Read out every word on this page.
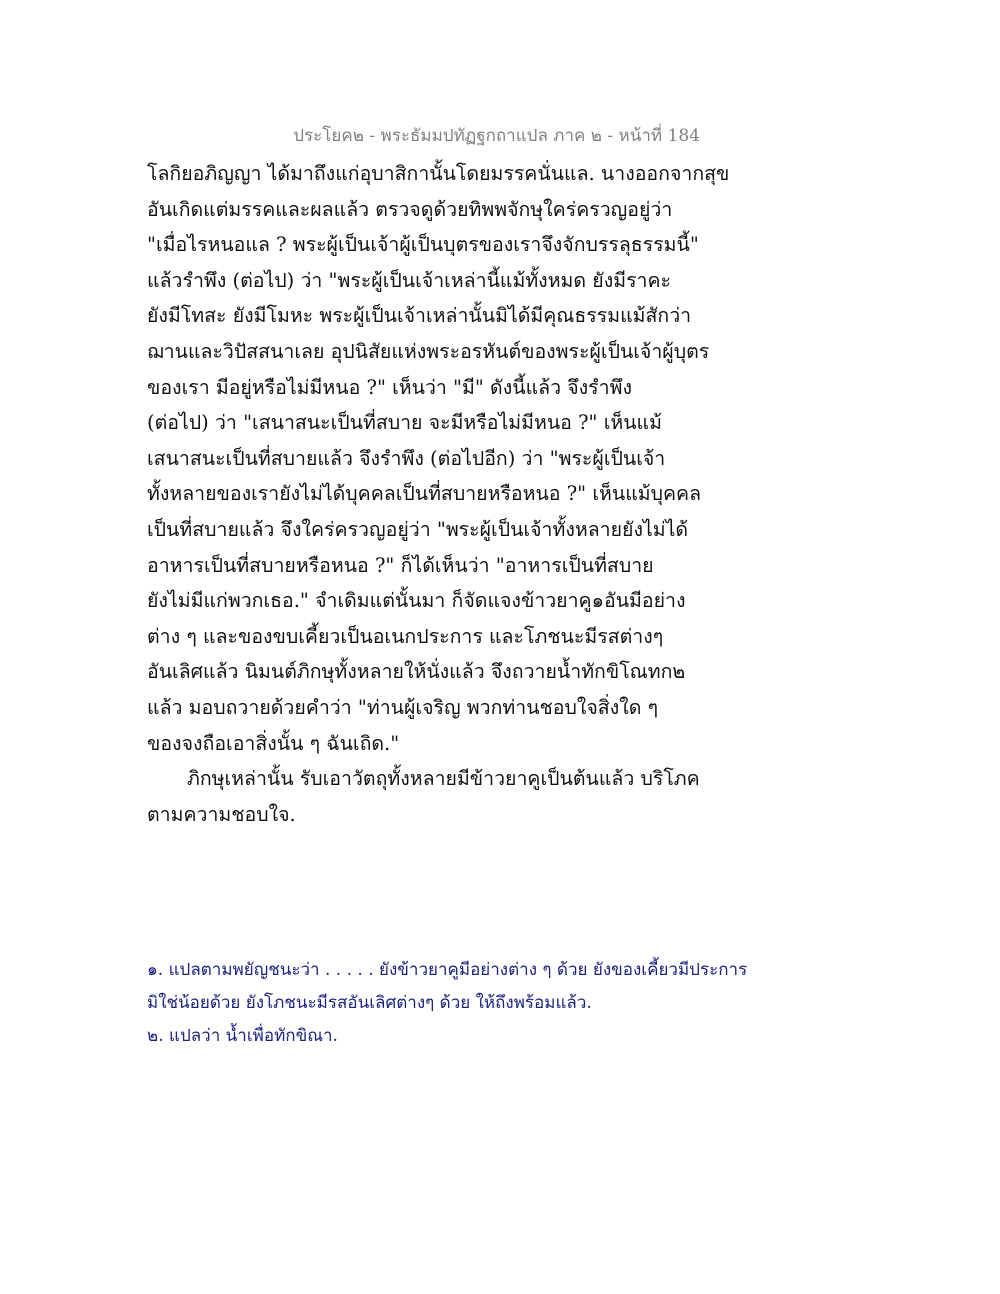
ประโยค๒ - พระธัมมปทัฏฐกถาแปล ภาค ๒ - หน้าที่ 184
โลกิยอภิญญา ได้มาถึงแก่อุบาสิกานั้นโดยมรรคนั่นแล. นางออกจากสุข
อันเกิดแต่มรรคและผลแล้ว ตรวจดูด้วยทิพพจักษุใคร่ครวญอยู่ว่า
"เมื่อไรหนอแล ? พระผู้เป็นเจ้าผู้เป็นบุตรของเราจึงจักบรรลุธรรมนี้"
แล้วรำพึง (ต่อไป) ว่า "พระผู้เป็นเจ้าเหล่านี้แม้ทั้งหมด ยังมีราคะ
ยังมีโทสะ ยังมีโมหะ พระผู้เป็นเจ้าเหล่านั้นมิได้มีคุณธรรมแม้สักว่า
ฌานและวิปัสสนาเลย อุปนิสัยแห่งพระอรหันต์ของพระผู้เป็นเจ้าผู้บุตร
ของเรา มีอยู่หรือไม่มีหนอ ?" เห็นว่า "มี" ดังนี้แล้ว จึงรำพึง
(ต่อไป) ว่า "เสนาสนะเป็นที่สบาย จะมีหรือไม่มีหนอ ?" เห็นแม้
เสนาสนะเป็นที่สบายแล้ว จึงรำพึง (ต่อไปอีก) ว่า "พระผู้เป็นเจ้า
ทั้งหลายของเรายังไม่ได้บุคคลเป็นที่สบายหรือหนอ ?" เห็นแม้บุคคล
เป็นที่สบายแล้ว จึงใคร่ครวญอยู่ว่า "พระผู้เป็นเจ้าทั้งหลายยังไม่ได้
อาหารเป็นที่สบายหรือหนอ ?" ก็ได้เห็นว่า "อาหารเป็นที่สบาย
ยังไม่มีแก่พวกเธอ." จำเดิมแต่นั้นมา ก็จัดแจงข้าวยาคู๑อันมีอย่าง
ต่าง ๆ และของขบเคี้ยวเป็นอเนกประการ และโภชนะมีรสต่างๆ
อันเลิศแล้ว นิมนต์ภิกษุทั้งหลายให้นั่งแล้ว จึงถวายน้ำทักขิโณทก๒
แล้ว มอบถวายด้วยคำว่า "ท่านผู้เจริญ พวกท่านชอบใจสิ่งใด ๆ
ของจงถือเอาสิ่งนั้น ๆ ฉันเถิด."
ภิกษุเหล่านั้น รับเอาวัตถุทั้งหลายมีข้าวยาคูเป็นต้นแล้ว บริโภค
ตามความชอบใจ.
๑. แปลตามพยัญชนะว่า . . . . . ยังข้าวยาคูมีอย่างต่าง ๆ ด้วย ยังของเคี้ยวมีประการ
มิใช่น้อยด้วย ยังโภชนะมีรสอันเลิศต่างๆ ด้วย ให้ถึงพร้อมแล้ว.
๒. แปลว่า น้ำเพื่อทักขิณา.
